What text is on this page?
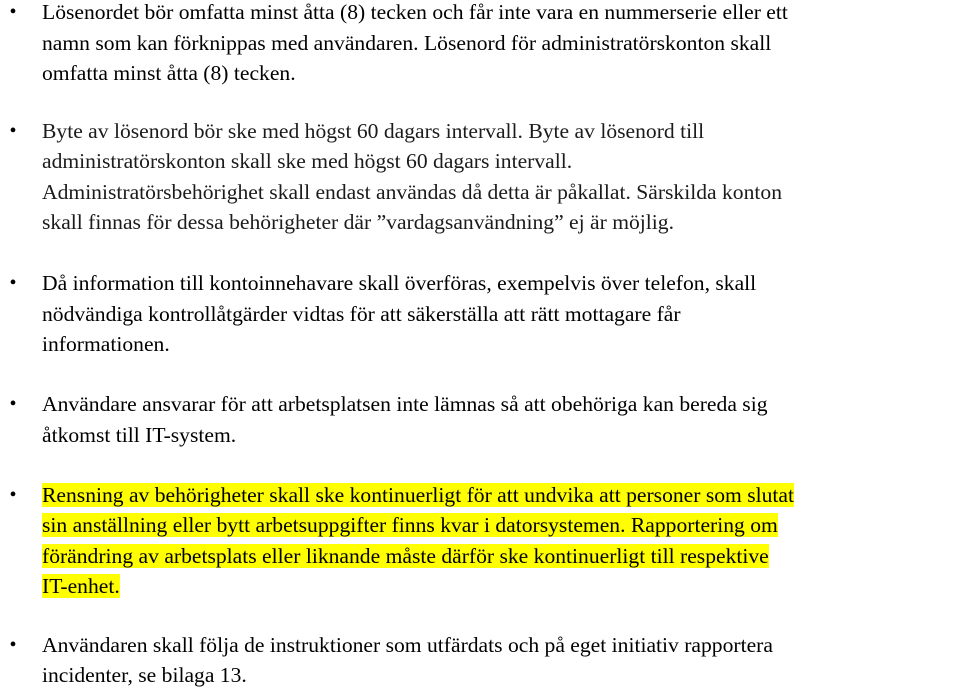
• Lösenordet bör omfatta minst åtta (8) tecken och får inte vara en nummerserie eller ett
namn som kan förknippas med användaren. Lösenord för administratörskonton skall
omfatta minst åtta (8) tecken.
• Byte av lösenord bör ske med högst 60 dagars intervall. Byte av lösenord till
administratörskonton skall ske med högst 60 dagars intervall.
Administratörsbehörighet skall endast användas då detta är påkallat. Särskilda konton
skall finnas för dessa behörigheter där ”vardagsanvändning” ej är möjlig.
• Då information till kontoinnehavare skall överföras, exempelvis över telefon, skall
nödvändiga kontrollåtgärder vidtas för att säkerställa att rätt mottagare får
informationen.
• Användare ansvarar för att arbetsplatsen inte lämnas så att obehöriga kan bereda sig
åtkomst till IT-system.
• Rensning av behörigheter skall ske kontinuerligt för att undvika att personer som slutat
sin anställning eller bytt arbetsuppgifter finns kvar i datorsystemen. Rapportering om
förändring av arbetsplats eller liknande måste därför ske kontinuerligt till respektive
IT-enhet.
• Användaren skall följa de instruktioner som utfärdats och på eget initiativ rapportera
incidenter, se bilaga 13.
